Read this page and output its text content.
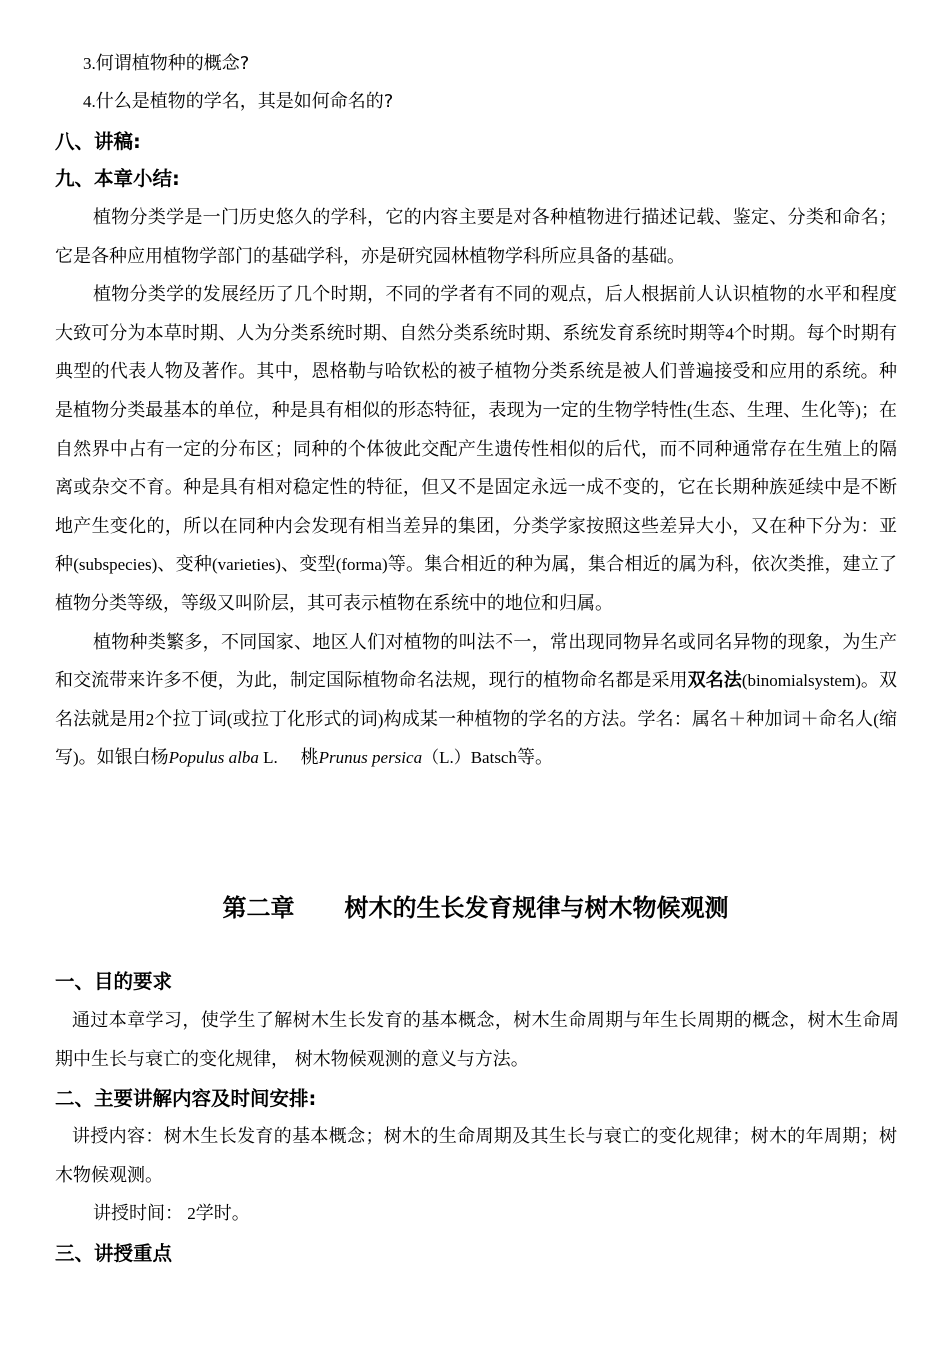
3.何谓植物种的概念?

4.什么是植物的学名，其是如何命名的?

八、讲稿:
九、本章小结:

植物分类学是一门历史悠久的学科，它的内容主要是对各种植物进行描述记载、鉴定、分类和命名；它是各种应用植物学部门的基础学科，亦是研究园林植物学科所应具备的基础。

植物分类学的发展经历了几个时期，不同的学者有不同的观点，后人根据前人认识植物的水平和程度大致可分为本草时期、人为分类系统时期、自然分类系统时期、系统发育系统时期等4个时期。每个时期有典型的代表人物及著作。其中，恩格勒与哈钦松的被子植物分类系统是被人们普遍接受和应用的系统。种是植物分类最基本的单位，种是具有相似的形态特征，表现为一定的生物学特性(生态、生理、生化等)；在自然界中占有一定的分布区；同种的个体彼此交配产生遗传性相似的后代，而不同种通常存在生殖上的隔离或杂交不育。种是具有相对稳定性的特征，但又不是固定永远一成不变的，它在长期种族延续中是不断地产生变化的，所以在同种内会发现有相当差异的集团，分类学家按照这些差异大小，又在种下分为：亚种(subspecies)、变种(varieties)、变型(forma)等。集合相近的种为属，集合相近的属为科，依次类推，建立了植物分类等级，等级又叫阶层，其可表示植物在系统中的地位和归属。

植物种类繁多，不同国家、地区人们对植物的叫法不一，常出现同物异名或同名异物的现象，为生产和交流带来许多不便，为此，制定国际植物命名法规，现行的植物命名都是采用双名法(binomialsystem)。双名法就是用2个拉丁词(或拉丁化形式的词)构成某一种植物的学名的方法。学名：属名＋种加词＋命名人(缩写)。如银白杨Populus alba L.    桃Prunus persica（L.）Batsch等。

第二章 树木的生长发育规律与树木物候观测
一、目的要求

通过本章学习，使学生了解树木生长发育的基本概念，树木生命周期与年生长周期的概念，树木生命周期中生长与衰亡的变化规律， 树木物候观测的意义与方法。

二、主要讲解内容及时间安排:

讲授内容：树木生长发育的基本概念；树木的生命周期及其生长与衰亡的变化规律；树木的年周期；树木物候观测。

讲授时间： 2学时。

三、讲授重点
